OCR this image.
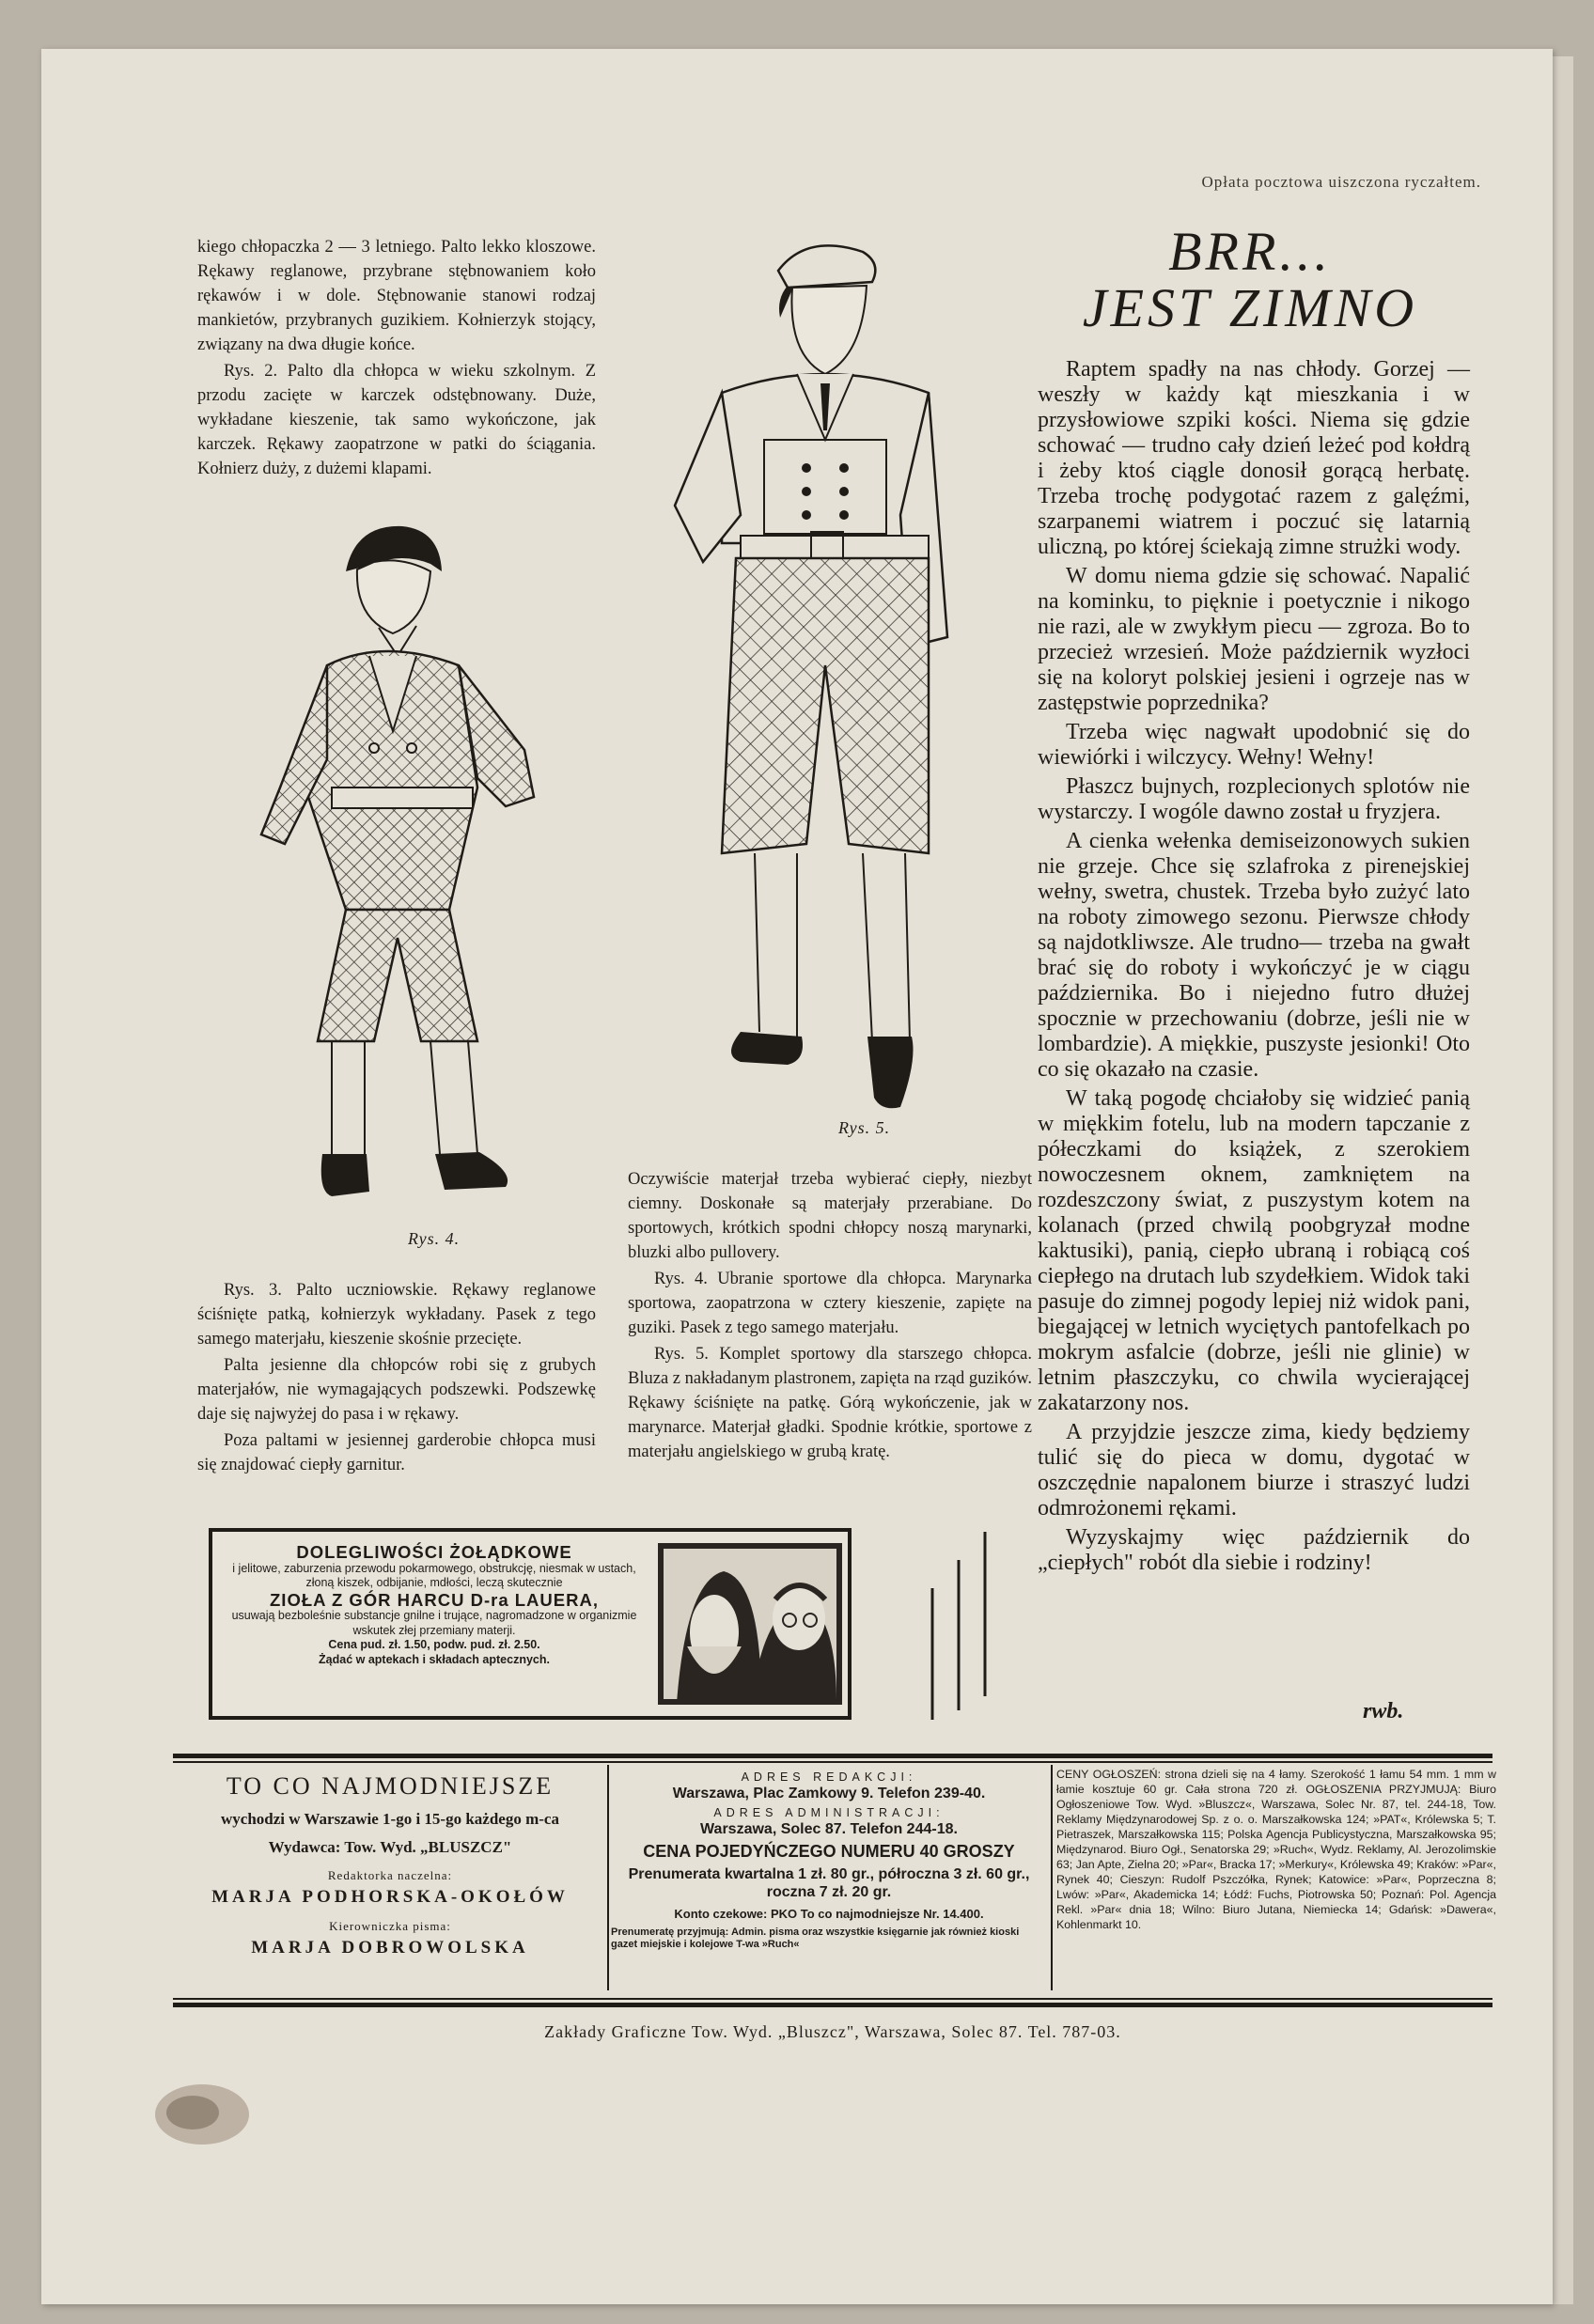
Opłata pocztowa uiszczona ryczałtem.

kiego chłopaczka 2 — 3 letniego. Palto lekko kloszowe. Rękawy reglanowe, przybrane stębnowaniem koło rękawów i w dole. Stębnowanie stanowi rodzaj mankietów, przybranych guzikiem. Kołnierzyk stojący, związany na dwa długie końce.

Rys. 2. Palto dla chłopca w wieku szkolnym. Z przodu zacięte w karczek odstębnowany. Duże, wykładane kieszenie, tak samo wykończone, jak karczek. Rękawy zaopatrzone w patki do ściągania. Kołnierz duży, z dużemi klapami.

Rys. 4.
Rys. 5.

Rys. 3. Palto uczniowskie. Rękawy reglanowe ściśnięte patką, kołnierzyk wykładany. Pasek z tego samego materjału, kieszenie skośnie przecięte.

Palta jesienne dla chłopców robi się z grubych materjałów, nie wymagających podszewki. Podszewkę daje się najwyżej do pasa i w rękawy.

Poza paltami w jesiennej garderobie chłopca musi się znajdować ciepły garnitur.

Oczywiście materjał trzeba wybierać ciepły, niezbyt ciemny. Doskonałe są materjały przerabiane. Do sportowych, krótkich spodni chłopcy noszą marynarki, bluzki albo pullovery.

Rys. 4. Ubranie sportowe dla chłopca. Marynarka sportowa, zaopatrzona w cztery kieszenie, zapięte na guziki. Pasek z tego samego materjału.

Rys. 5. Komplet sportowy dla starszego chłopca. Bluza z nakładanym plastronem, zapięta na rząd guzików. Rękawy ściśnięte na patkę. Górą wykończenie, jak w marynarce. Materjał gładki. Spodnie krótkie, sportowe z materjału angielskiego w grubą kratę.

BRR...
JEST ZIMNO

Raptem spadły na nas chłody. Gorzej — weszły w każdy kąt mieszkania i w przysłowiowe szpiki kości. Niema się gdzie schować — trudno cały dzień leżeć pod kołdrą i żeby ktoś ciągle donosił gorącą herbatę. Trzeba trochę podygotać razem z galęźmi, szarpanemi wiatrem i poczuć się latarnią uliczną, po której ściekają zimne strużki wody.

W domu niema gdzie się schować. Napalić na kominku, to pięknie i poetycznie i nikogo nie razi, ale w zwykłym piecu — zgroza. Bo to przecież wrzesień. Może październik wyzłoci się na koloryt polskiej jesieni i ogrzeje nas w zastępstwie poprzednika?

Trzeba więc nagwałt upodobnić się do wiewiórki i wilczycy. Wełny! Wełny!

Płaszcz bujnych, rozplecionych splotów nie wystarczy. I wogóle dawno został u fryzjera.

A cienka wełenka demiseizonowych sukien nie grzeje. Chce się szlafroka z pirenejskiej wełny, swetra, chustek. Trzeba było zużyć lato na roboty zimowego sezonu. Pierwsze chłody są najdotkliwsze. Ale trudno— trzeba na gwałt brać się do roboty i wykończyć je w ciągu października. Bo i niejedno futro dłużej spocznie w przechowaniu (dobrze, jeśli nie w lombardzie). A miękkie, puszyste jesionki! Oto co się okazało na czasie.

W taką pogodę chciałoby się widzieć panią w miękkim fotelu, lub na modern tapczanie z półeczkami do książek, z szerokiem nowoczesnem oknem, zamkniętem na rozdeszczony świat, z puszystym kotem na kolanach (przed chwilą poobgryzał modne kaktusiki), panią, ciepło ubraną i robiącą coś ciepłego na drutach lub szydełkiem. Widok taki pasuje do zimnej pogody lepiej niż widok pani, biegającej w letnich wyciętych pantofelkach po mokrym asfalcie (dobrze, jeśli nie glinie) w letnim płaszczyku, co chwila wycierającej zakatarzony nos.

A przyjdzie jeszcze zima, kiedy będziemy tulić się do pieca w domu, dygotać w oszczędnie napalonem biurze i straszyć ludzi odmrożonemi rękami.

Wyzyskajmy więc październik do „ciepłych" robót dla siebie i rodziny!

rwb.
DOLEGLIWOŚCI ŻOŁĄDKOWE
i jelitowe, zaburzenia przewodu pokarmowego, obstrukcję, niesmak w ustach, złoną kiszek, odbijanie, mdłości, leczą skutecznie
ZIOŁA Z GÓR HARCU D-ra LAUERA,
usuwają bezboleśnie substancje gnilne i trujące, nagromadzone w organizmie wskutek złej przemiany materji.
Cena pud. zł. 1.50, podw. pud. zł. 2.50.
Żądać w aptekach i składach aptecznych.
TO CO NAJMODNIEJSZE
wychodzi w Warszawie 1-go i 15-go każdego m-ca
Wydawca: Tow. Wyd. „BLUSZCZ"
Redaktorka naczelna:
MARJA PODHORSKA-OKOŁÓW
Kierowniczka pisma:
MARJA DOBROWOLSKA
ADRES REDAKCJI:
Warszawa, Plac Zamkowy 9. Telefon 239-40.
ADRES ADMINISTRACJI:
Warszawa, Solec 87. Telefon 244-18.
CENA POJEDYŃCZEGO NUMERU 40 GROSZY
Prenumerata kwartalna 1 zł. 80 gr., półroczna 3 zł. 60 gr., roczna 7 zł. 20 gr.
Konto czekowe: PKO To co najmodniejsze Nr. 14.400.
Prenumeratę przyjmują: Admin. pisma oraz wszystkie księgarnie jak również kioski gazet miejskie i kolejowe T-wa »Ruch«
CENY OGŁOSZEŃ: strona dzieli się na 4 łamy. Szerokość 1 łamu 54 mm. 1 mm w łamie kosztuje 60 gr. Cała strona 720 zł. OGŁOSZENIA PRZYJMUJĄ: Biuro Ogłoszeniowe Tow. Wyd. »Bluszcz«, Warszawa, Solec Nr. 87, tel. 244-18, Tow. Reklamy Międzynarodowej Sp. z o. o. Marszałkowska 124; »PAT«, Królewska 5; T. Pietraszek, Marszałkowska 115; Polska Agencja Publicystyczna, Marszałkowska 95; Międzynarod. Biuro Ogł., Senatorska 29; »Ruch«, Wydz. Reklamy, Al. Jerozolimskie 63; Jan Apte, Zielna 20; »Par«, Bracka 17; »Merkury«, Królewska 49; Kraków: »Par«, Rynek 40; Cieszyn: Rudolf Pszczółka, Rynek; Katowice: »Par«, Poprzeczna 8; Lwów: »Par«, Akademicka 14; Łódź: Fuchs, Piotrowska 50; Poznań: Pol. Agencja Rekl. »Par« dnia 18; Wilno: Biuro Jutana, Niemiecka 14; Gdańsk: »Dawera«, Kohlenmarkt 10.
Zakłady Graficzne Tow. Wyd. „Bluszcz", Warszawa, Solec 87. Tel. 787-03.
